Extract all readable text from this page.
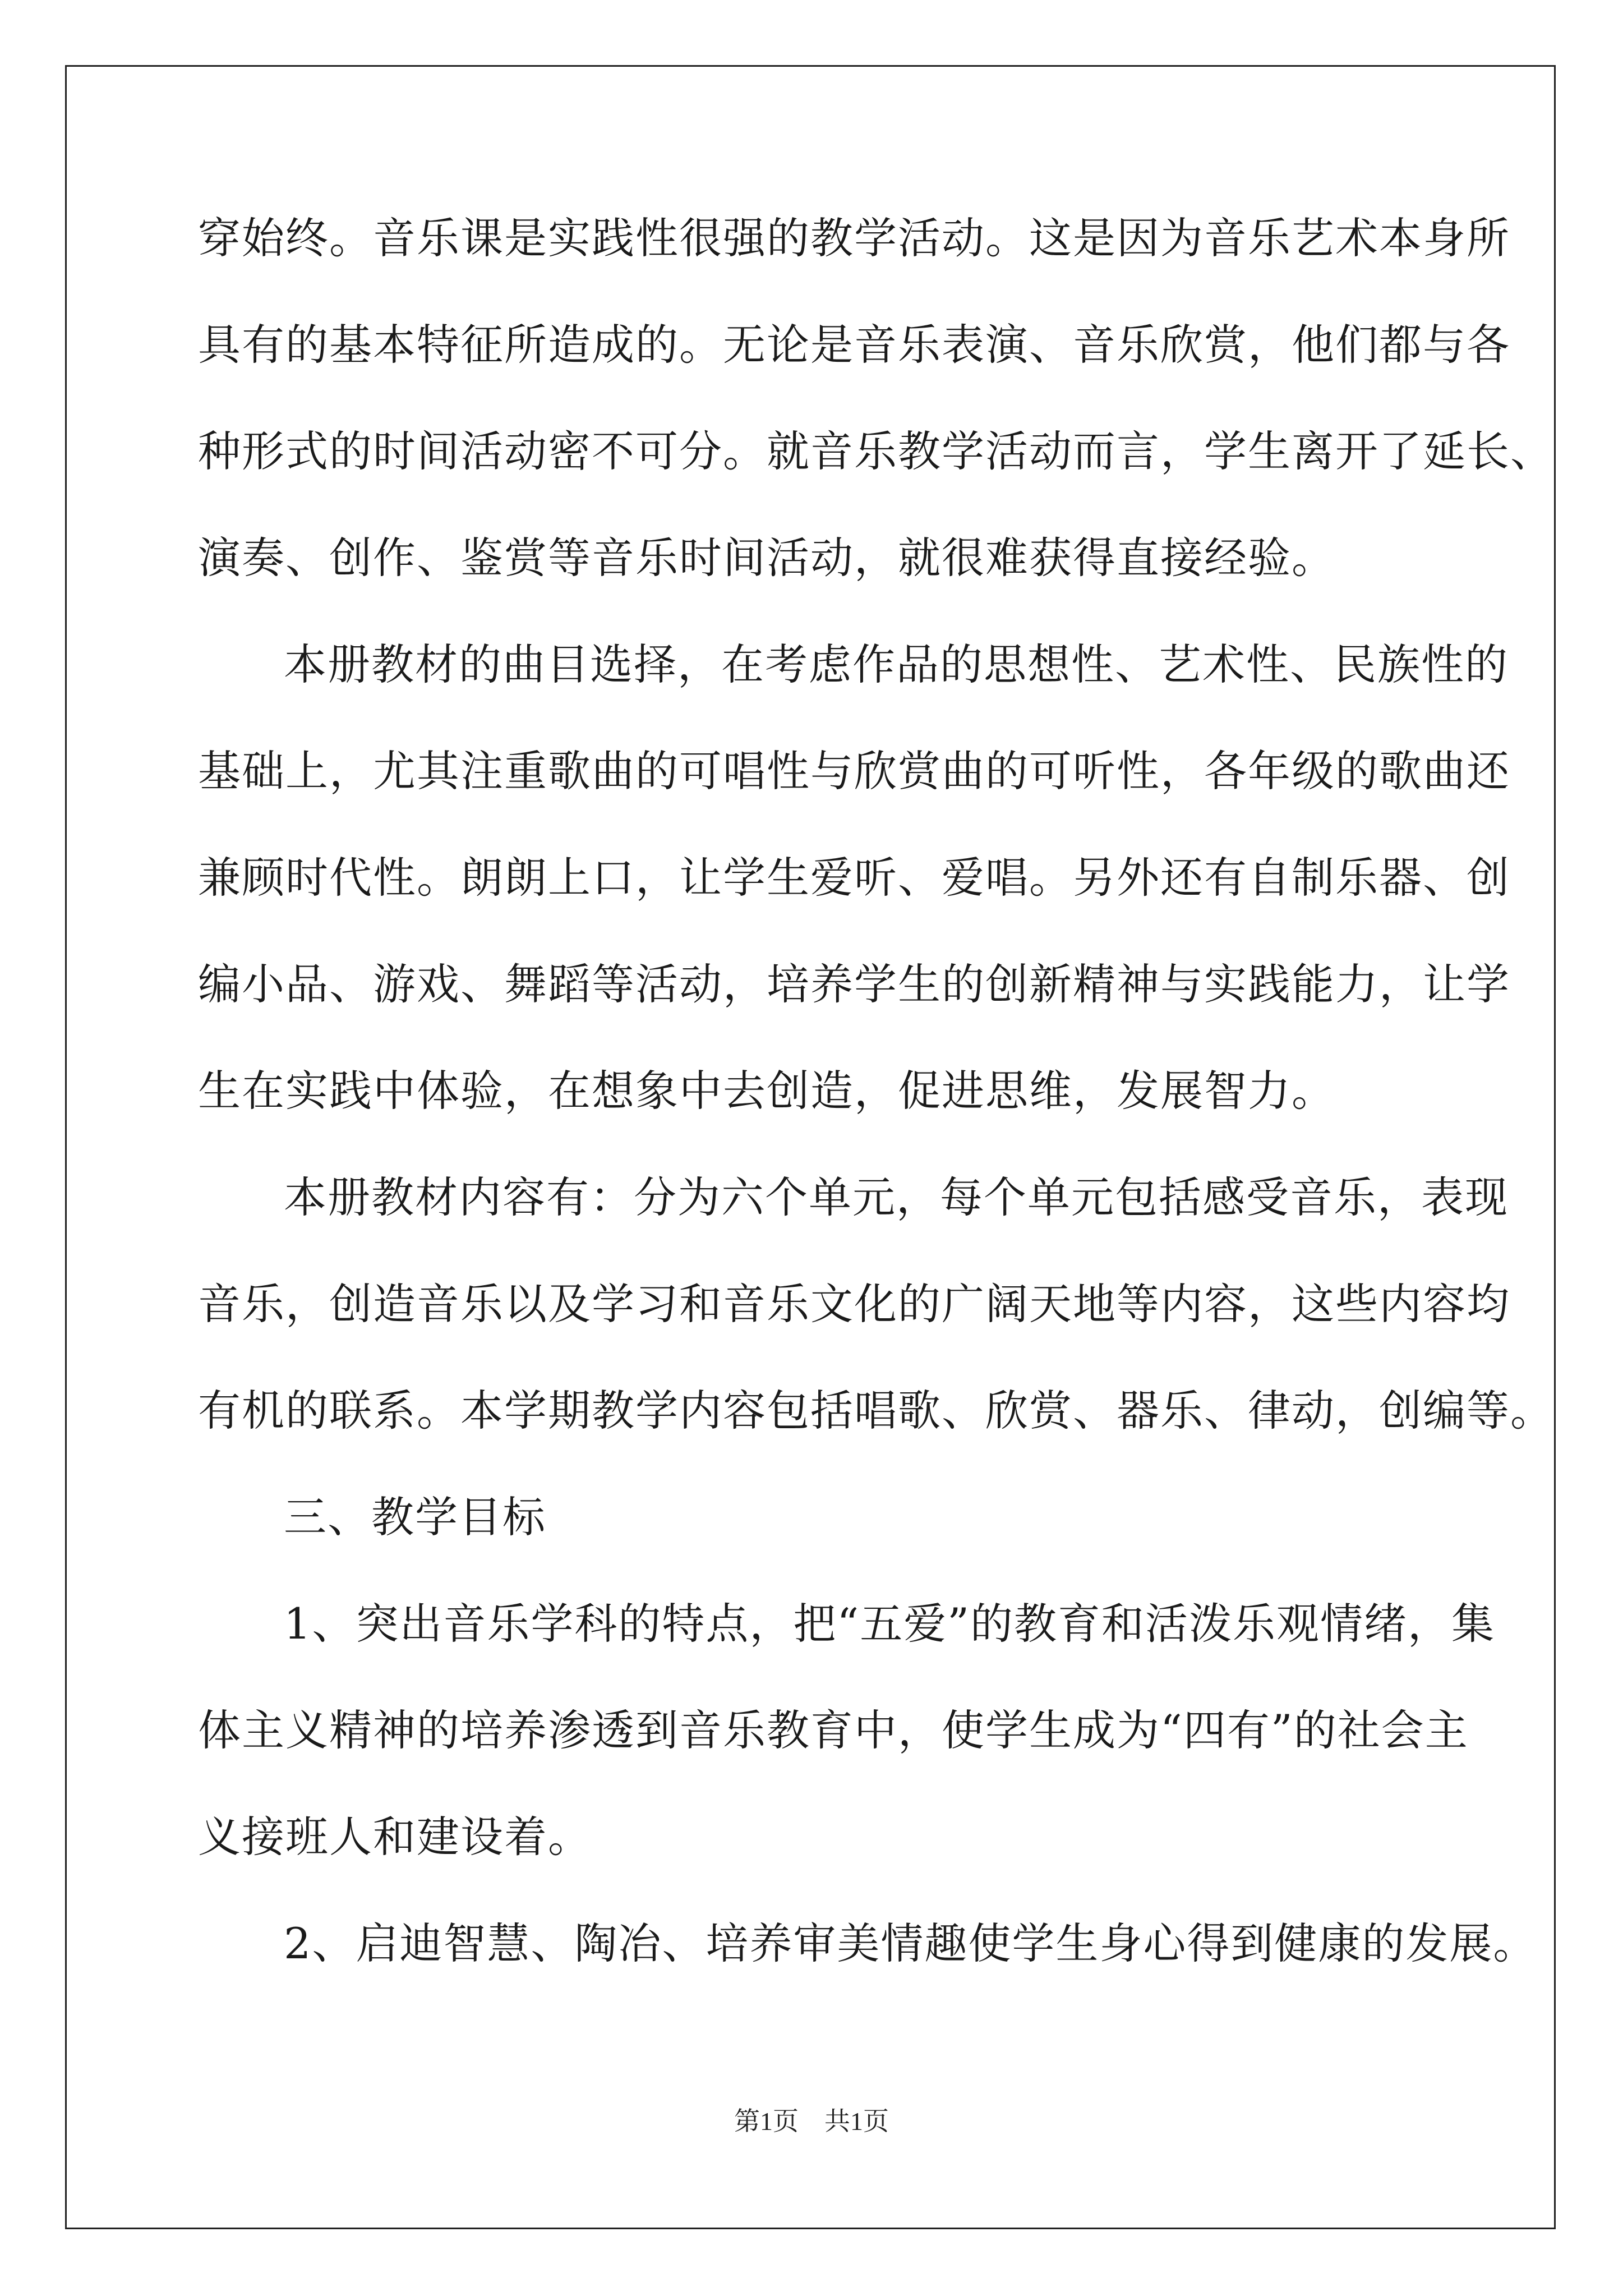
穿始终。音乐课是实践性很强的教学活动。这是因为音乐艺术本身所
具有的基本特征所造成的。无论是音乐表演、音乐欣赏，他们都与各
种形式的时间活动密不可分。就音乐教学活动而言，学生离开了延长、
演奏、创作、鉴赏等音乐时间活动，就很难获得直接经验。
本册教材的曲目选择，在考虑作品的思想性、艺术性、民族性的
基础上，尤其注重歌曲的可唱性与欣赏曲的可听性，各年级的歌曲还
兼顾时代性。朗朗上口，让学生爱听、爱唱。另外还有自制乐器、创
编小品、游戏、舞蹈等活动，培养学生的创新精神与实践能力，让学
生在实践中体验，在想象中去创造，促进思维，发展智力。
本册教材内容有：分为六个单元，每个单元包括感受音乐，表现
音乐，创造音乐以及学习和音乐文化的广阔天地等内容，这些内容均
有机的联系。本学期教学内容包括唱歌、欣赏、器乐、律动，创编等。
三、教学目标
1、突出音乐学科的特点，把“五爱”的教育和活泼乐观情绪，集
体主义精神的培养渗透到音乐教育中，使学生成为“四有”的社会主
义接班人和建设着。
2、启迪智慧、陶冶、培养审美情趣使学生身心得到健康的发展。
第1页　共1页
